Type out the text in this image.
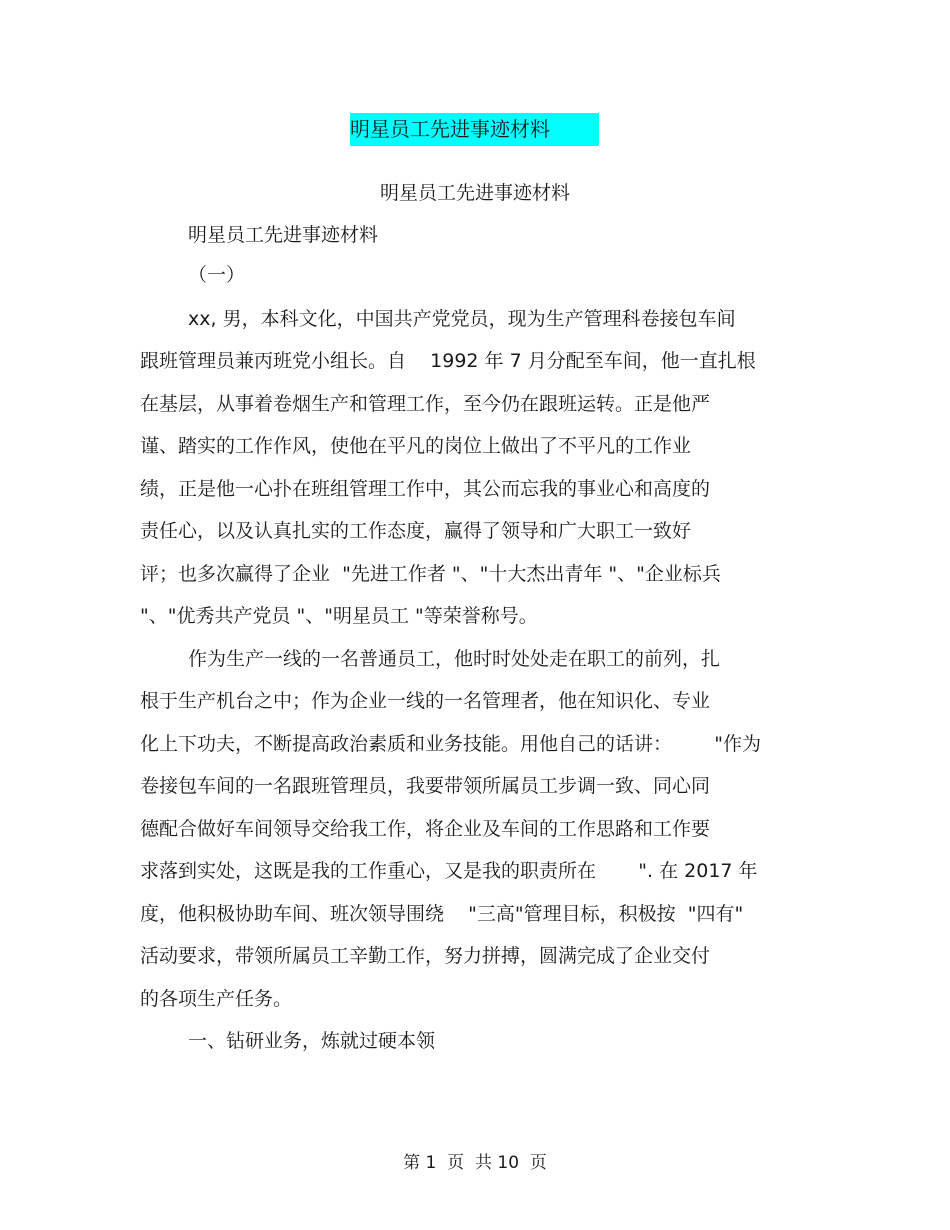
明星员工先进事迹材料
明星员工先进事迹材料
明星员工先进事迹材料
（一）
xx, 男，本科文化，中国共产党党员，现为生产管理科卷接包车间
跟班管理员兼丙班党小组长。自    1992 年 7 月分配至车间，他一直扎根
在基层，从事着卷烟生产和管理工作，至今仍在跟班运转。正是他严
谨、踏实的工作作风，使他在平凡的岗位上做出了不平凡的工作业
绩，正是他一心扑在班组管理工作中，其公而忘我的事业心和高度的
责任心，以及认真扎实的工作态度，赢得了领导和广大职工一致好
评；也多次赢得了企业  "先进工作者 "、"十大杰出青年 "、"企业标兵
"、"优秀共产党员 "、"明星员工 "等荣誉称号。
作为生产一线的一名普通员工，他时时处处走在职工的前列，扎
根于生产机台之中；作为企业一线的一名管理者，他在知识化、专业
化上下功夫，不断提高政治素质和业务技能。用他自己的话讲：       "作为
卷接包车间的一名跟班管理员，我要带领所属员工步调一致、同心同
德配合做好车间领导交给我工作，将企业及车间的工作思路和工作要
求落到实处，这既是我的工作重心，又是我的职责所在       ". 在 2017 年
度，他积极协助车间、班次领导围绕    "三高"管理目标，积极按  "四有"
活动要求，带领所属员工辛勤工作，努力拼搏，圆满完成了企业交付
的各项生产任务。
一、钻研业务，炼就过硬本领
第 1  页  共 10  页
